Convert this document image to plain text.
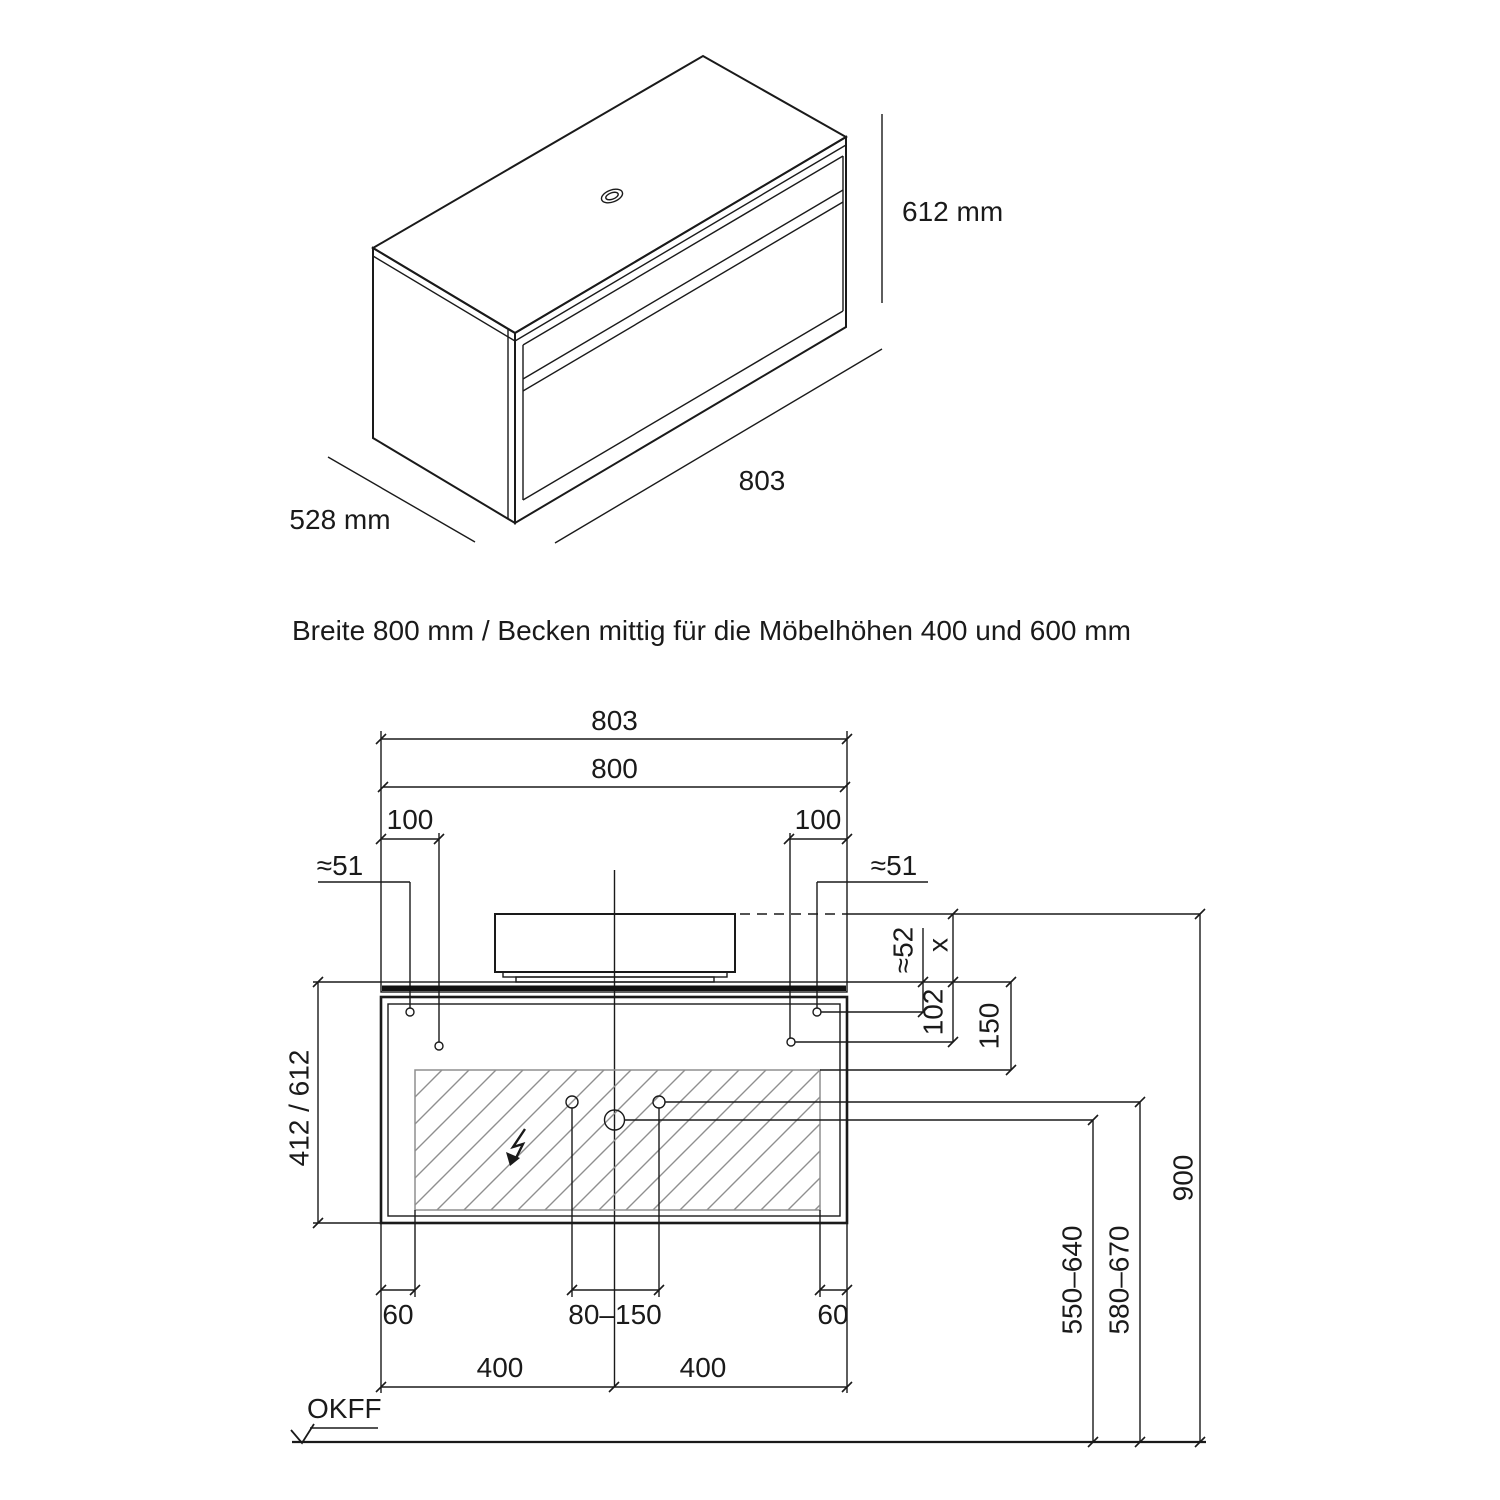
612 mm
803
528 mm
Breite 800 mm / Becken mittig für die Möbelhöhen 400 und 600 mm
803
800
100	100
≈51	≈51
≈52 x
102 150
412 / 612
550–640 580–670
900
60	80–150	60
400	400
OKFF
